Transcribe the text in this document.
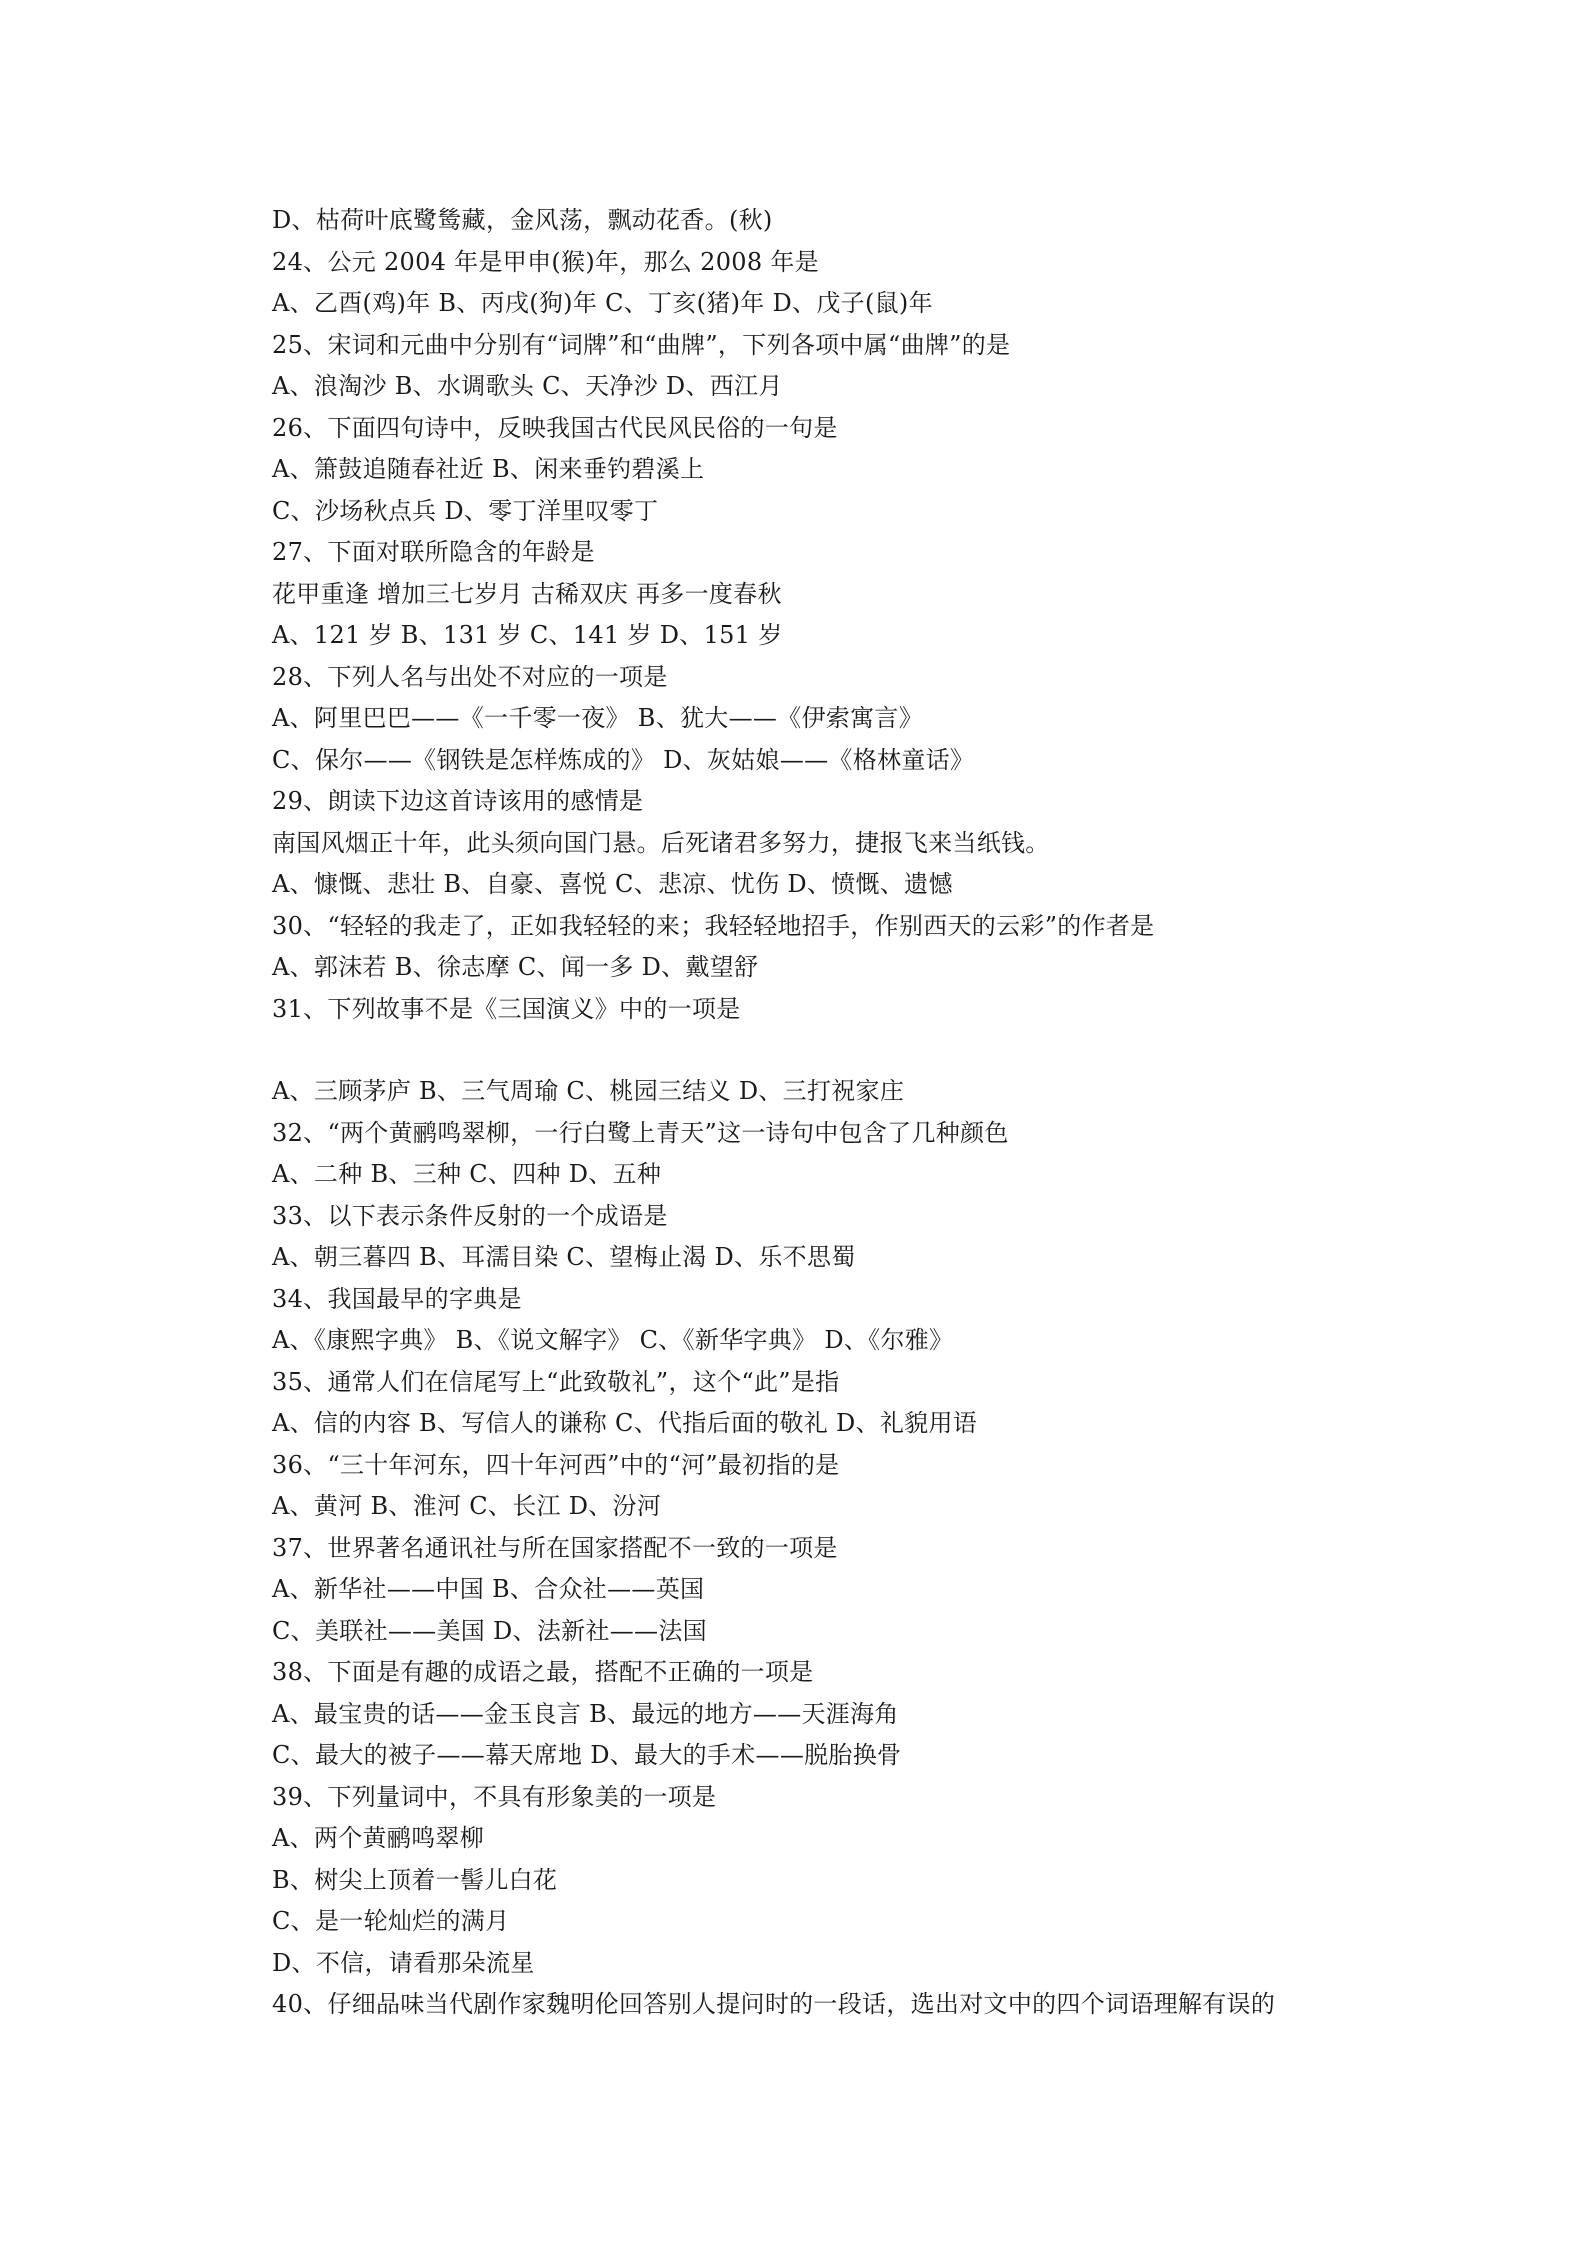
D、枯荷叶底鹭鸶藏，金风荡，飘动花香。(秋)
24、公元 2004 年是甲申(猴)年，那么 2008 年是
A、乙酉(鸡)年 B、丙戌(狗)年 C、丁亥(猪)年 D、戊子(鼠)年
25、宋词和元曲中分别有“词牌”和“曲牌”，下列各项中属“曲牌”的是
A、浪淘沙 B、水调歌头 C、天净沙 D、西江月
26、下面四句诗中，反映我国古代民风民俗的一句是
A、箫鼓追随春社近 B、闲来垂钓碧溪上
C、沙场秋点兵 D、零丁洋里叹零丁
27、下面对联所隐含的年龄是
花甲重逢 增加三七岁月 古稀双庆 再多一度春秋
A、121 岁 B、131 岁 C、141 岁 D、151 岁
28、下列人名与出处不对应的一项是
A、阿里巴巴——《一千零一夜》 B、犹大——《伊索寓言》
C、保尔——《钢铁是怎样炼成的》 D、灰姑娘——《格林童话》
29、朗读下边这首诗该用的感情是
南国风烟正十年，此头须向国门悬。后死诸君多努力，捷报飞来当纸钱。
A、慷慨、悲壮 B、自豪、喜悦 C、悲凉、忧伤 D、愤慨、遗憾
30、“轻轻的我走了，正如我轻轻的来；我轻轻地招手，作别西天的云彩”的作者是
A、郭沫若 B、徐志摩 C、闻一多 D、戴望舒
31、下列故事不是《三国演义》中的一项是
A、三顾茅庐 B、三气周瑜 C、桃园三结义 D、三打祝家庄
32、“两个黄鹂鸣翠柳，一行白鹭上青天”这一诗句中包含了几种颜色
A、二种 B、三种 C、四种 D、五种
33、以下表示条件反射的一个成语是
A、朝三暮四 B、耳濡目染 C、望梅止渴 D、乐不思蜀
34、我国最早的字典是
A、《康熙字典》 B、《说文解字》 C、《新华字典》 D、《尔雅》
35、通常人们在信尾写上“此致敬礼”，这个“此”是指
A、信的内容 B、写信人的谦称 C、代指后面的敬礼 D、礼貌用语
36、“三十年河东，四十年河西”中的“河”最初指的是
A、黄河 B、淮河 C、长江 D、汾河
37、世界著名通讯社与所在国家搭配不一致的一项是
A、新华社——中国 B、合众社——英国
C、美联社——美国 D、法新社——法国
38、下面是有趣的成语之最，搭配不正确的一项是
A、最宝贵的话——金玉良言 B、最远的地方——天涯海角
C、最大的被子——幕天席地 D、最大的手术——脱胎换骨
39、下列量词中，不具有形象美的一项是
A、两个黄鹂鸣翠柳
B、树尖上顶着一髻儿白花
C、是一轮灿烂的满月
D、不信，请看那朵流星
40、仔细品味当代剧作家魏明伦回答别人提问时的一段话，选出对文中的四个词语理解有误的
